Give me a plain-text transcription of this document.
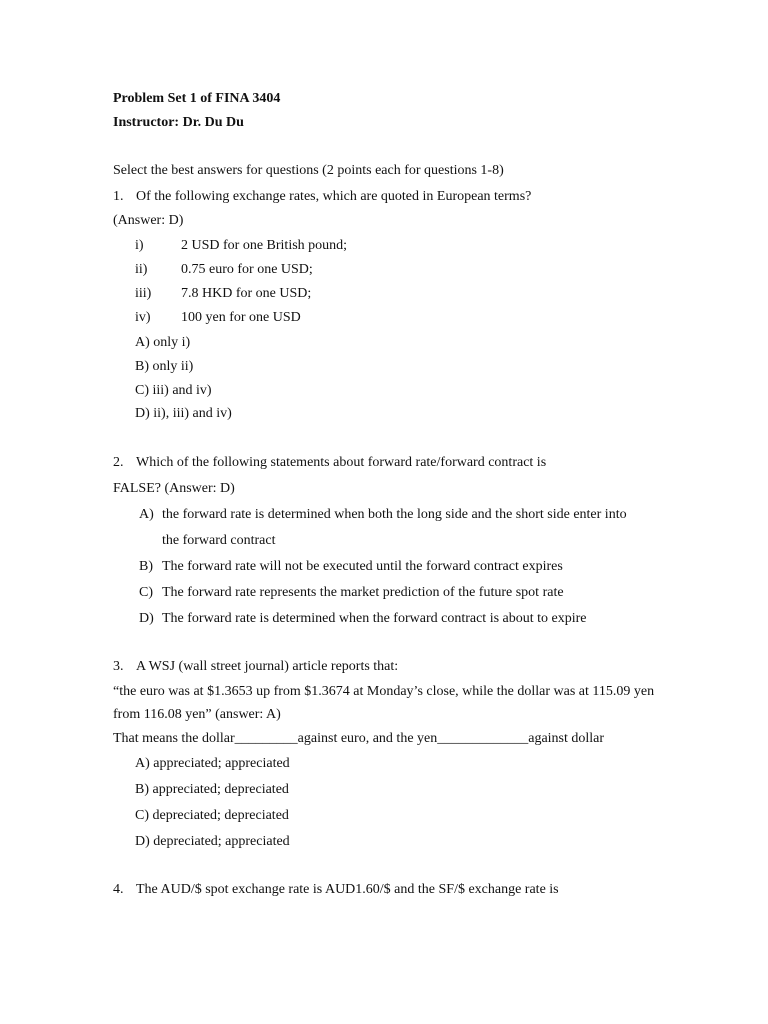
Problem Set 1 of FINA 3404
Instructor: Dr. Du Du
Select the best answers for questions (2 points each for questions 1-8)
1. Of the following exchange rates, which are quoted in European terms?
(Answer: D)
i)	2 USD for one British pound;
ii) 0.75 euro for one USD;
iii) 7.8 HKD for one USD;
iv) 100 yen for one USD
A) only i)
B) only ii)
C) iii) and iv)
D) ii), iii) and iv)
2. Which of the following statements about forward rate/forward contract is
FALSE? (Answer: D)
A) the forward rate is determined when both the long side and the short side enter into
the forward contract
B) The forward rate will not be executed until the forward contract expires
C) The forward rate represents the market prediction of the future spot rate
D) The forward rate is determined when the forward contract is about to expire
3. A WSJ (wall street journal) article reports that:
“the euro was at $1.3653 up from $1.3674 at Monday’s close, while the dollar was at 115.09 yen
from 116.08 yen” (answer: A)
That means the dollar_________against euro, and the yen_____________against dollar
A) appreciated; appreciated
B) appreciated; depreciated
C) depreciated; depreciated
D) depreciated; appreciated
4. The AUD/$ spot exchange rate is AUD1.60/$ and the SF/$ exchange rate is
